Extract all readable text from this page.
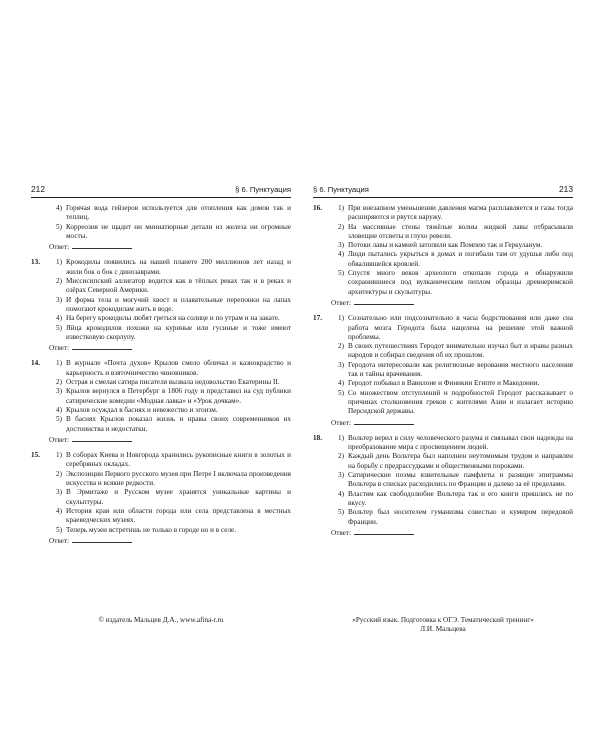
212	§ 6. Пунктуация
4) Горячая вода гейзеров используется для отопления как домов так и теплиц.
5) Корреозия не щадит ни миниатюрные детали из железа ни огромные мосты.
Ответ:
13.	1) Крокодилы появились на нашей планете 200 миллионов лет назад и жили бок о бок с динозаврами.
2) Миссисипский аллигатор водится как в тёплых реках так и в реках и озёрах Северной Америки.
3) И форма тела и могучий хвост и плавательные перепонки на лапах помогают крокодилам жить в воде.
4) На берегу крокодилы любят греться на солнце и по утрам и на закате.
5) Яйца крокодилов похожи на куриные или гусиные и тоже имеют известковую скорлупу.
Ответ:
14.	1) В журнале «Почта духов» Крылов смело обличал и казнокрадство и карьерность и взяточничество чиновников.
2) Острая и смелая сатира писателя вызвала недовольство Екатерины II.
3) Крылов вернулся в Петербург в 1806 году и представил на суд публики сатирические комедии «Модная лавка» и «Урок дочкам».
4) Крылов осуждал в баснях и невежество и эгоизм.
5) В баснях Крылов показал жизнь и нравы своих современников их достоинства и недостатки.
Ответ:
15.	1) В соборах Киева и Новгорода хранились рукописные книги в золотых и серебряных окладах.
2) Экспозиции Первого русского музея при Петре I включала произведения искусства и всякие редкости.
3) В Эрмитаже и Русском музее хранятся уникальные картины и скульптуры.
4) История края или области города или села представлена в местных краеведческих музеях.
5) Теперь музеи встретишь не только в городе но и в селе.
Ответ:
© издатель Мальцев Д.А., www.afina-r.ru
§ 6. Пунктуация	213
16.	1) При внезапном уменьшении давления магма расплавляется и газы тогда расширяются и рвутся наружу.
2) На массивные стены тяжёлые волны жидкой лавы отбрасывали зловещие отсветы и глухо ревели.
3) Потоки лавы и камней затопили как Помпею так и Геркуланум.
4) Люди пытались укрыться в домах и погибали там от удушья либо под обвалившейся кровлей.
5) Спустя много веков археологи откопали города и обнаружили сохранившиеся под вулканическим пеплом образцы древнеримской архитектуры и скульптуры.
Ответ:
17.	1) Сознательно или подсознательно в часы бодрствования или даже сна работа мозга Геродота была нацелена на решение этой важной проблемы.
2) В своих путешествиях Геродот внимательно изучал быт и нравы разных народов и собирал сведения об их прошлом.
3) Геродота интересовали как религиозные верования местного населения так и тайны врачевания.
4) Геродот побывал в Вавилоне и Финикии Египте и Македонии.
5) Со множеством отступлений и подробностей Геродот рассказывает о причинах столкновения греков с жителями Азии и излагает историю Персидской державы.
Ответ:
18.	1) Вольтер верил в силу человеческого разума и связывал свои надежды на преобразование мира с просвещением людей.
2) Каждый день Вольтера был наполнен неутомимым трудом и направлен на борьбу с предрассудками и общественными пороками.
3) Сатирические поэмы язвительные памфлеты и разящие эпиграммы Вольтера в списках расходились по Франции и далеко за её пределами.
4) Властям как свободолюбие Вольтера так и его книги пришлись не по вкусу.
5) Вольтер был носителем гуманизма совестью и кумиром передовой Франции.
Ответ:
«Русский язык. Подготовка к ОГЭ. Тематический тренинг»
Л.И. Мальцева
